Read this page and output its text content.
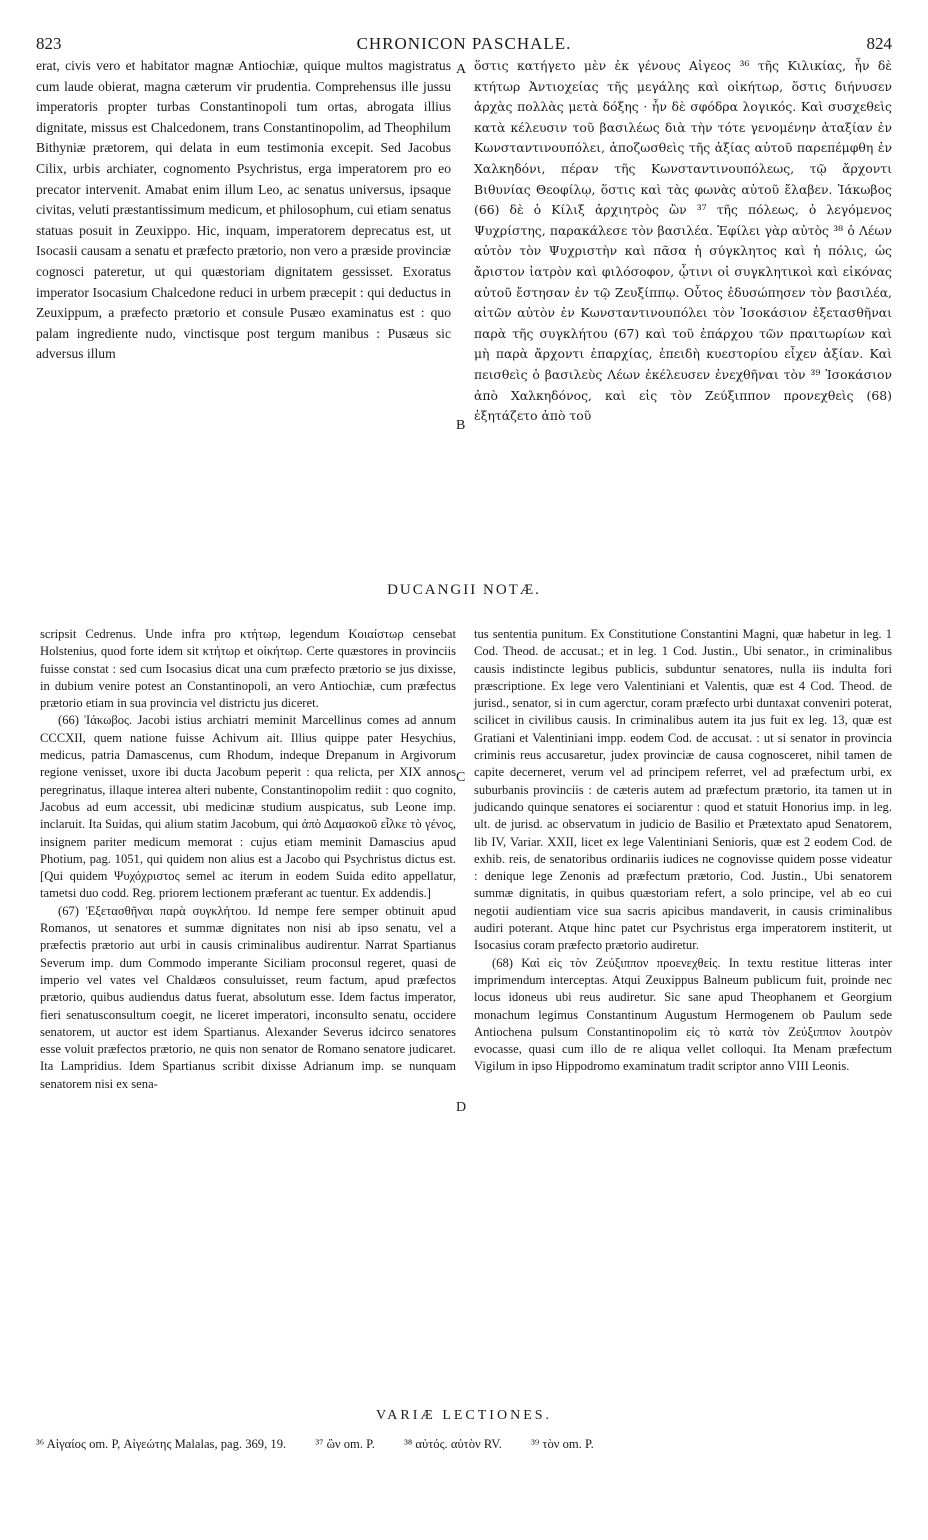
823	CHRONICON PASCHALE.	824

erat, civis vero et habitator magnæ Antiochiæ, quique multos magistratus cum laude obierat, magna cæterum vir prudentia. Comprehensus ille jussu imperatoris propter turbas Constantinopoli tum ortas, abrogata illius dignitate, missus est Chalcedonem, trans Constantinopolim, ad Theophilum Bithyniæ prætorem, qui delata in eum testimonia excepit. Sed Jacobus Cilix, urbis archiater, cognomento Psychristus, erga imperatorem pro eo precator intervenit. Amabat enim illum Leo, ac senatus universus, ipsaque civitas, veluti præstantissimum medicum, et philosophum, cui etiam senatus statuas posuit in Zeuxippo. Hic, inquam, imperatorem deprecatus est, ut Isocasii causam a senatu et præfecto prætorio, non vero a præside provinciæ cognosci pateretur, ut qui quæstoriam dignitatem gessisset. Exoratus imperator Isocasium Chalcedone reduci in urbem præcepit : qui deductus in Zeuxippum, a præfecto prætorio et consule Pusæo examinatus est : quo palam ingrediente nudo, vinctisque post tergum manibus : Pusæus sic adversus illum

A
B

ὅστις κατήγετο μὲν ἐκ γένους Αἰγεος ³⁶ τῆς Κιλικίας, ἦν δὲ κτήτωρ Ἀντιοχείας τῆς μεγάλης καὶ οἰκήτωρ, ὅστις διήνυσεν ἀρχὰς πολλὰς μετὰ δόξης · ἦν δὲ σφόδρα λογικός. Καὶ συσχεθεὶς κατὰ κέλευσιν τοῦ βασιλέως διὰ τὴν τότε γενομένην ἀταξίαν ἐν Κωνσταντινουπόλει, ἀποζωσθεὶς τῆς ἀξίας αὐτοῦ παρεπέμφθη ἐν Χαλκηδόνι, πέραν τῆς Κωνσταντινουπόλεως, τῷ ἄρχοντι Βιθυνίας Θεοφίλῳ, ὅστις καὶ τὰς φωνὰς αὐτοῦ ἔλαβεν. Ἰάκωβος (66) δὲ ὁ Κίλιξ ἀρχιητρὸς ὢν ³⁷ τῆς πόλεως, ὁ λεγόμενος Ψυχρίστης, παρακάλεσε τὸν βασιλέα. Ἐφίλει γὰρ αὐτὸς ³⁸ ὁ Λέων αὐτὸν τὸν Ψυχριστὴν καὶ πᾶσα ἡ σύγκλητος καὶ ἡ πόλις, ὡς ἄριστον ἰατρὸν καὶ φιλόσοφον, ᾧτινι οἱ συγκλητικοὶ καὶ εἰκόνας αὐτοῦ ἔστησαν ἐν τῷ Ζευξίππῳ. Οὗτος ἐδυσώπησεν τὸν βασιλέα, αἰτῶν αὐτὸν ἐν Κωνσταντινουπόλει τὸν Ἰσοκάσιον ἐξετασθῆναι παρὰ τῆς συγκλήτου (67) καὶ τοῦ ἐπάρχου τῶν πραιτωρίων καὶ μὴ παρὰ ἄρχοντι ἐπαρχίας, ἐπειδὴ κυεστορίου εἶχεν ἀξίαν. Καὶ πεισθεὶς ὁ βασιλεὺς Λέων ἐκέλευσεν ἐνεχθῆναι τὸν ³⁹ Ἰσοκάσιον ἀπὸ Χαλκηδόνος, καὶ εἰς τὸν Ζεύξιππον προνεχθεὶς (68) ἐξητάζετο ἀπὸ τοῦ

DUCANGII NOTÆ.

scripsit Cedrenus. Unde infra pro κτήτωρ, legendum Κοιαίστωρ censebat Holstenius, quod forte idem sit κτήτωρ et οἰκήτωρ. Certe quæstores in provinciis fuisse constat : sed cum Isocasius dicat una cum præfecto prætorio se jus dixisse, in dubium venire potest an Constantinopoli, an vero Antiochiæ, cum præfectus prætorio etiam in sua provincia vel districtu jus diceret.

(66) Ἰάκωβος. Jacobi istius archiatri meminit Marcellinus comes ad annum CCCXII, quem natione fuisse Achivum ait. Illius quippe pater Hesychius, medicus, patria Damascenus, cum Rhodum, indeque Drepanum in Argivorum regione venisset, uxore ibi ducta Jacobum peperit : qua relicta, per XIX annos peregrinatus, illaque interea alteri nubente, Constantinopolim rediit : quo cognito, Jacobus ad eum accessit, ubi medicinæ studium auspicatus, sub Leone imp. inclaruit. Ita Suidas, qui alium statim Jacobum, qui ἀπὸ Δαμασκοῦ εἶλκε τὸ γένος, insignem pariter medicum memorat : cujus etiam meminit Damascius apud Photium, pag. 1051, qui quidem non alius est a Jacobo qui Psychristus dictus est. [Qui quidem Ψυχόχριστος semel ac iterum in eodem Suida edito appellatur, tametsi duo codd. Reg. priorem lectionem præferant ac tuentur. Ex addendis.]

(67) Ἐξετασθῆναι παρὰ συγκλήτου. Id nempe fere semper obtinuit apud Romanos, ut senatores et summæ dignitates non nisi ab ipso senatu, vel a præfectis prætorio aut urbi in causis criminalibus audirentur. Narrat Spartianus Severum imp. dum Commodo imperante Siciliam proconsul regeret, quasi de imperio vel vates vel Chaldæos consuluisset, reum factum, apud præfectos prætorio, quibus audiendus datus fuerat, absolutum esse. Idem factus imperator, fieri senatusconsultum coegit, ne liceret imperatori, inconsulto senatu, occidere senatorem, ut auctor est idem Spartianus. Alexander Severus idcirco senatores esse voluit præfectos prætorio, ne quis non senator de Romano senatore judicaret. Ita Lampridius. Idem Spartianus scribit dixisse Adrianum imp. se nunquam senatorem nisi ex sena-

C
D

tus sententia punitum. Ex Constitutione Constantini Magni, quæ habetur in leg. 1 Cod. Theod. de accusat.; et in leg. 1 Cod. Justin., Ubi senator., in criminalibus causis indistincte legibus publicis, subduntur senatores, nulla iis indulta fori præscriptione. Ex lege vero Valentiniani et Valentis, quæ est 4 Cod. Theod. de jurisd., senator, si in cum agerctur, coram præfecto urbi duntaxat conveniri poterat, scilicet in civilibus causis. In criminalibus autem ita jus fuit ex leg. 13, quæ est Gratiani et Valentiniani impp. eodem Cod. de accusat. : ut si senator in provincia criminis reus accusaretur, judex provinciæ de causa cognosceret, nihil tamen de capite decerneret, verum vel ad principem referret, vel ad præfectum urbi, ex suburbanis provinciis : de cæteris autem ad præfectum prætorio, ita tamen ut in judicando quinque senatores ei sociarentur : quod et statuit Honorius imp. in leg. ult. de jurisd. ac observatum in judicio de Basilio et Prætextato apud Senatorem, lib IV, Variar. XXII, licet ex lege Valentiniani Senioris, quæ est 2 eodem Cod. de exhib. reis, de senatoribus ordinariis iudices ne cognovisse quidem posse videatur : denique lege Zenonis ad præfectum prætorio, Cod. Justin., Ubi senatorem summæ dignitatis, in quibus quæstoriam refert, a solo principe, vel ab eo cui negotii audientiam vice sua sacris apicibus mandaverit, in causis criminalibus audiri poterant. Atque hinc patet cur Psychristus erga imperatorem institerit, ut Isocasius coram præfecto prætorio audiretur.

(68) Καὶ εἰς τὸν Ζεύξιππον προενεχθείς. In textu restitue litteras inter imprimendum interceptas. Atqui Zeuxippus Balneum publicum fuit, proinde nec locus idoneus ubi reus audiretur. Sic sane apud Theophanem et Georgium monachum legimus Constantinum Augustum Hermogenem ob Paulum sede Antiochena pulsum Constantinopolim εἰς τὸ κατὰ τὸν Ζεύξιππον λουτρὸν evocasse, quasi cum illo de re aliqua vellet colloqui. Ita Menam præfectum Vigilum in ipso Hippodromo examinatum tradit scriptor anno VIII Leonis.

VARIÆ LECTIONES.
³⁶ Αἰγαίος om. P, Αἰγεώτης Malalas, pag. 369, 19. ³⁷ ὢν om. P. ³⁸ αὐτός. αὐτὸν RV. ³⁹ τὸν om. P.
